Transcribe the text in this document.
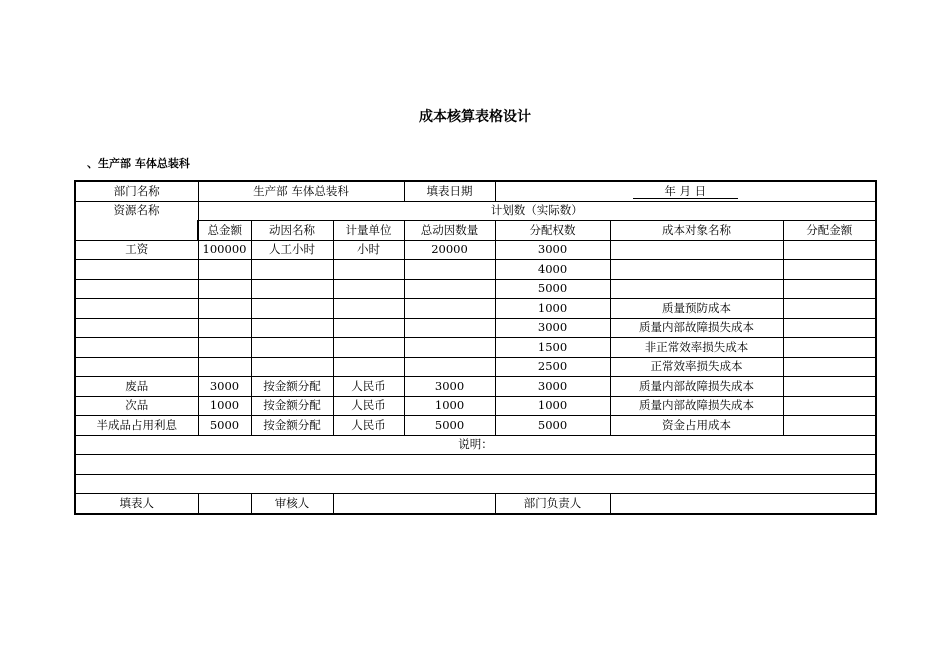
成本核算表格设计
、生产部 车体总装科
部门名称	生产部 车体总装科			填表日期	年 月 日		
资源名称	计划数（实际数）						
	总金额	动因名称	计量单位	总动因数量	分配权数	成本对象名称	分配金额
工资	100000	人工小时	小时	20000	3000		
					4000		
					5000		
					1000	质量预防成本	
					3000	质量内部故障损失成本	
					1500	非正常效率损失成本	
					2500	正常效率损失成本	
废品	3000	按金额分配	人民币	3000	3000	质量内部故障损失成本	
次品	1000	按金额分配	人民币	1000	1000	质量内部故障损失成本	
半成品占用利息	5000	按金额分配	人民币	5000	5000	资金占用成本	
说明：							

填表人		审核人			部门负责人		
